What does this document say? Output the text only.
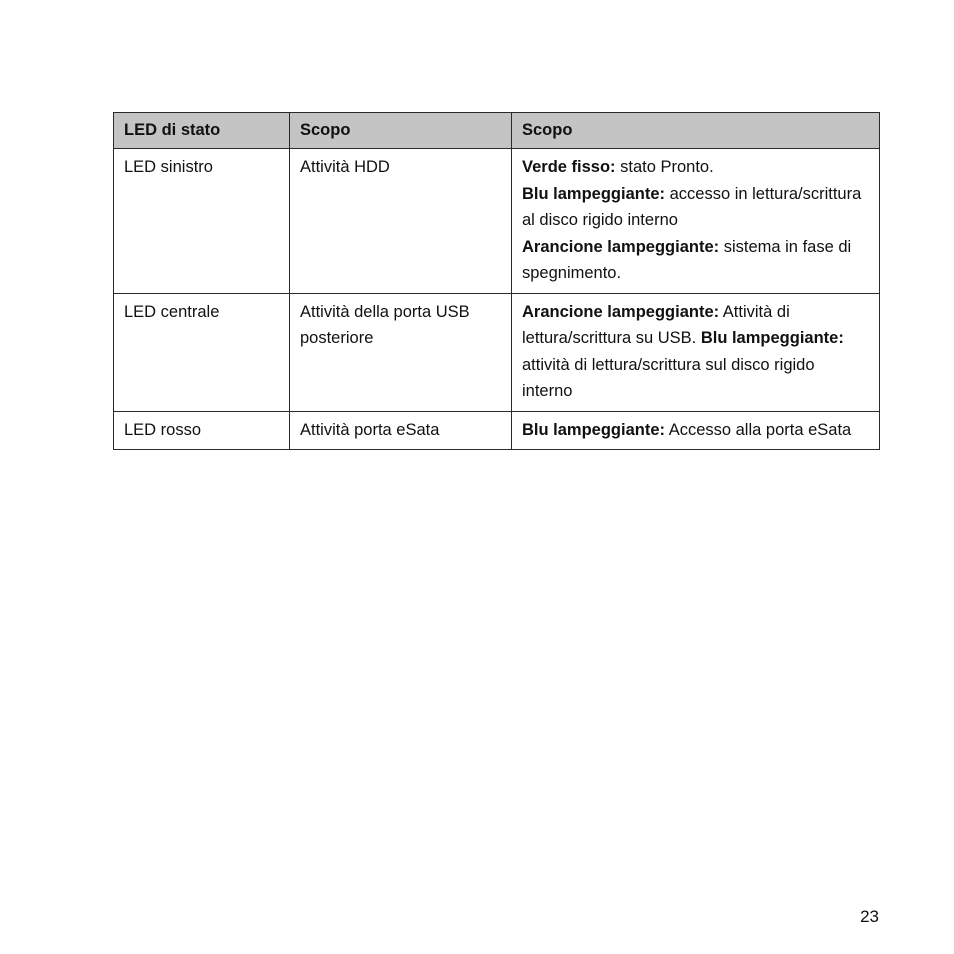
LED di stato	Scopo	Scopo
LED sinistro	Attività HDD	Verde fisso: stato Pronto.
Blu lampeggiante: accesso in lettura/scrittura al disco rigido interno
Arancione lampeggiante: sistema in fase di spegnimento.

LED centrale	Attività della porta USB posteriore	Arancione lampeggiante: Attività di lettura/scrittura su USB. Blu lampeggiante: attività di lettura/scrittura sul disco rigido interno
LED rosso	Attività porta eSata	Blu lampeggiante: Accesso alla porta eSata
23
